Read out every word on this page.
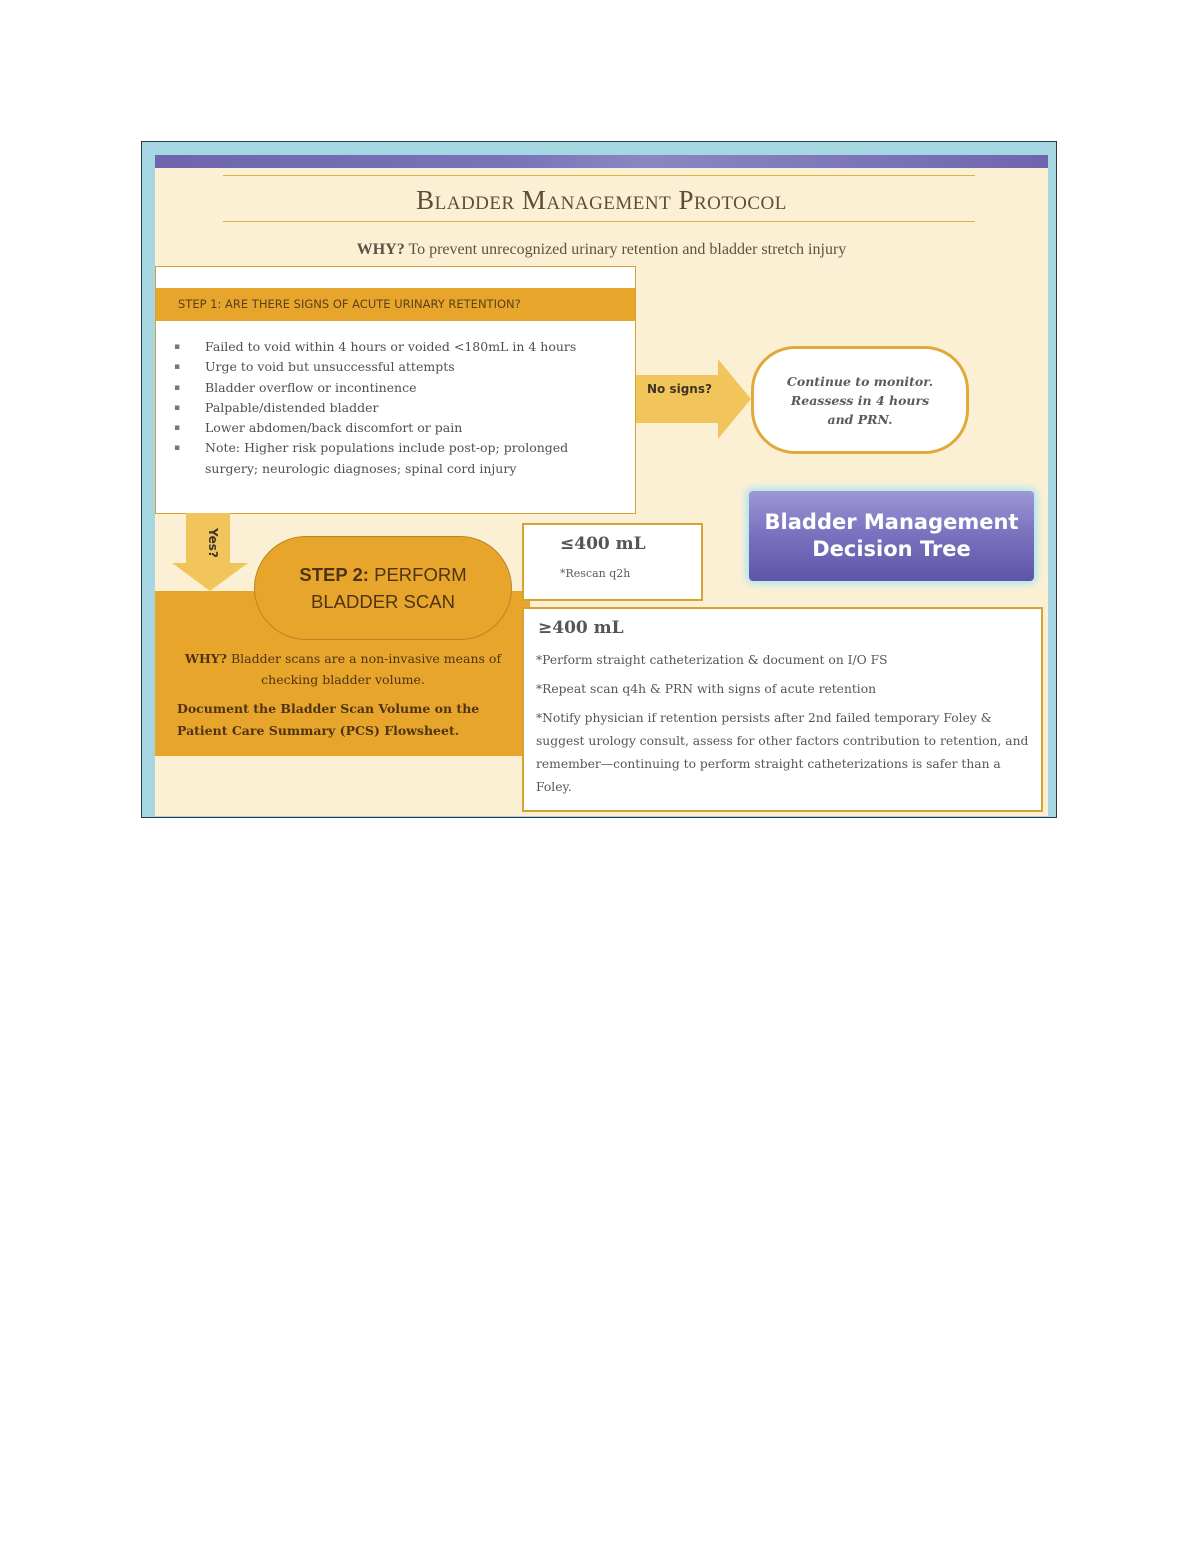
Bladder Management Protocol
WHY? To prevent unrecognized urinary retention and bladder stretch injury
STEP 1: ARE THERE SIGNS OF ACUTE URINARY RETENTION?
▪ Failed to void within 4 hours or voided <180mL in 4 hours
▪ Urge to void but unsuccessful attempts
▪ Bladder overflow or incontinence
▪ Palpable/distended bladder
▪ Lower abdomen/back discomfort or pain
▪ Note: Higher risk populations include post-op; prolonged surgery; neurologic diagnoses; spinal cord injury
No signs?
Continue to monitor.
Reassess in 4 hours
and PRN.
Bladder Management
Decision Tree
Yes?
STEP 2: PERFORM
BLADDER SCAN
WHY? Bladder scans are a non-invasive means of checking bladder volume.
Document the Bladder Scan Volume on the Patient Care Summary (PCS) Flowsheet.
≤400 mL
*Rescan q2h
≥400 mL
*Perform straight catheterization & document on I/O FS
*Repeat scan q4h & PRN with signs of acute retention
*Notify physician if retention persists after 2nd failed temporary Foley & suggest urology consult, assess for other factors contribution to retention, and remember—continuing to perform straight catheterizations is safer than a Foley.
